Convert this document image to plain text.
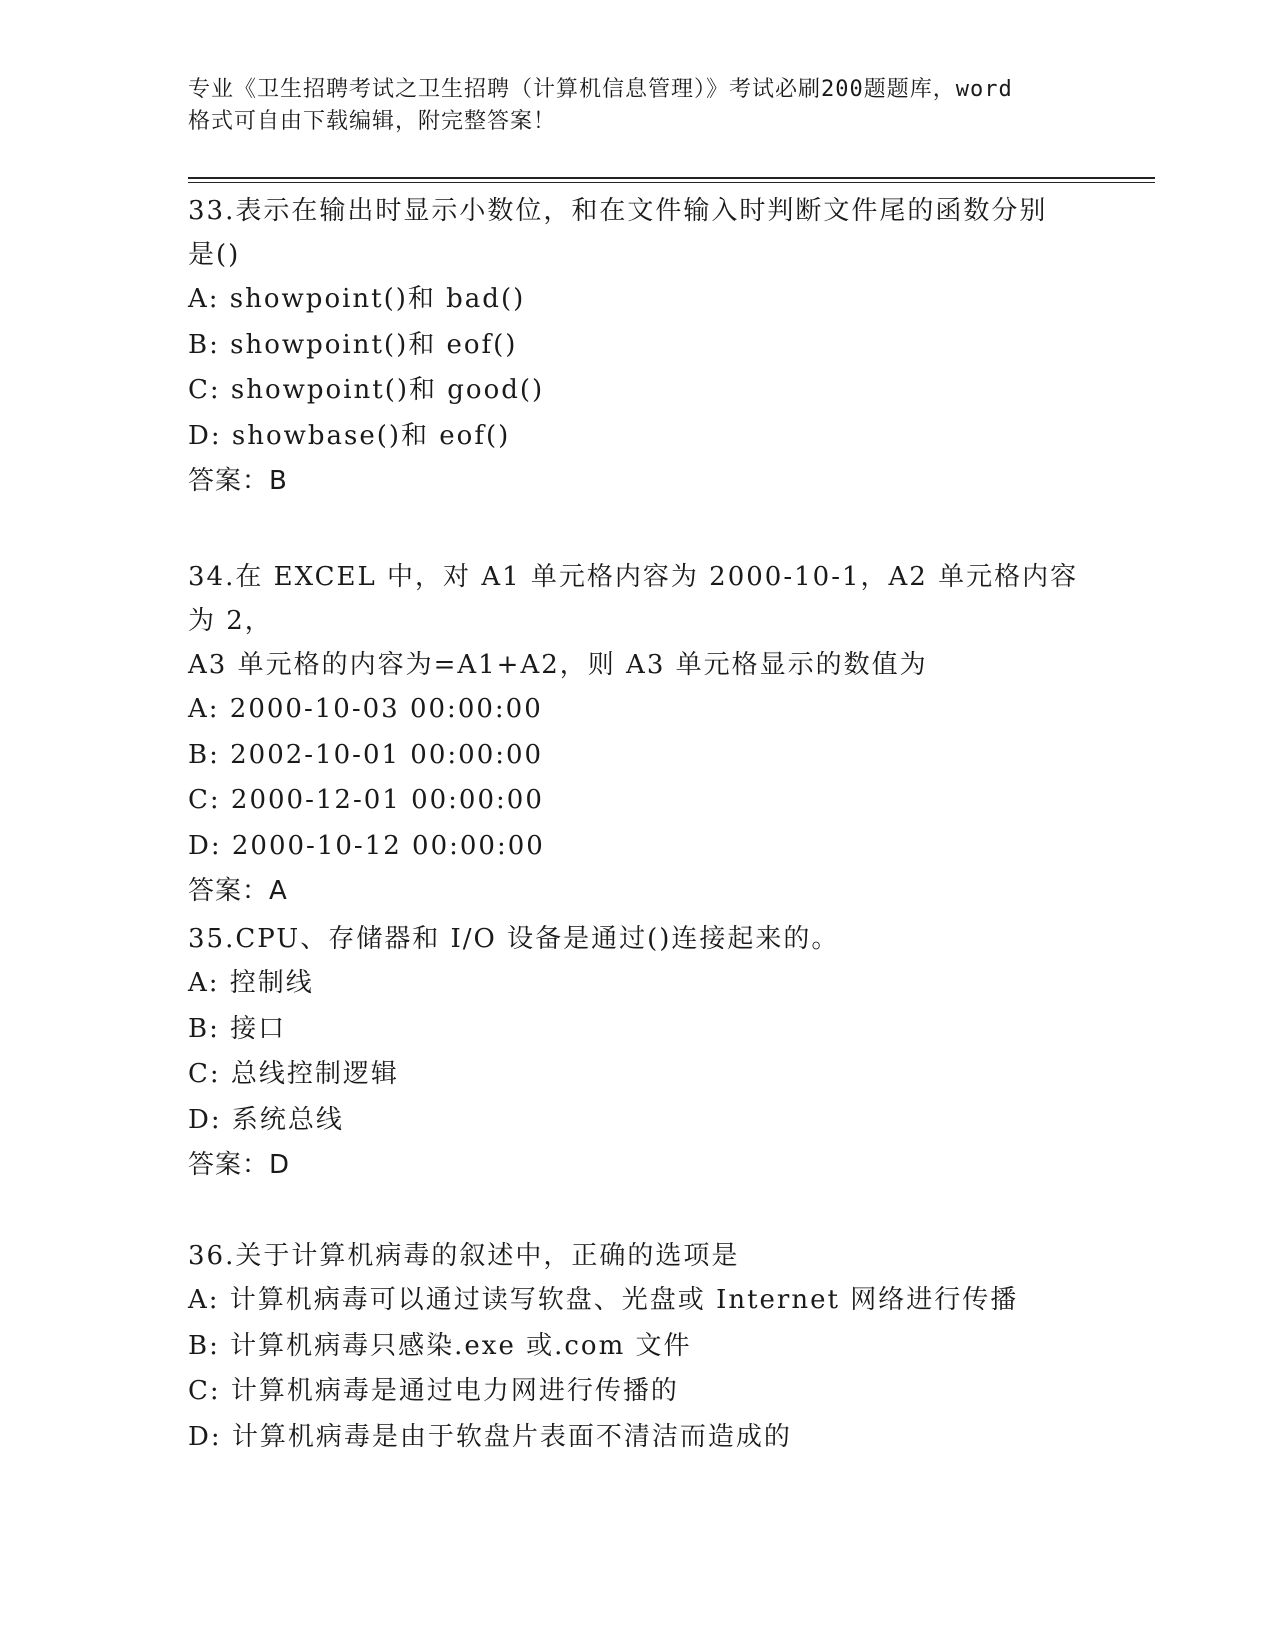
专业《卫生招聘考试之卫生招聘（计算机信息管理）》考试必刷200题题库，word
格式可自由下载编辑，附完整答案！
33.表示在输出时显示小数位，和在文件输入时判断文件尾的函数分别
是()
A: showpoint()和 bad()
B: showpoint()和 eof()
C: showpoint()和 good()
D: showbase()和 eof()
答案：B
34.在 EXCEL 中，对 A1 单元格内容为 2000-10-1，A2 单元格内容为 2，
A3 单元格的内容为=A1+A2，则 A3 单元格显示的数值为
A: 2000-10-03 00:00:00
B: 2002-10-01 00:00:00
C: 2000-12-01 00:00:00
D: 2000-10-12 00:00:00
答案：A
35.CPU、存储器和 I/O 设备是通过()连接起来的。
A: 控制线
B: 接口
C: 总线控制逻辑
D: 系统总线
答案：D
36.关于计算机病毒的叙述中，正确的选项是
A: 计算机病毒可以通过读写软盘、光盘或 Internet 网络进行传播
B: 计算机病毒只感染.exe 或.com 文件
C: 计算机病毒是通过电力网进行传播的
D: 计算机病毒是由于软盘片表面不清洁而造成的
